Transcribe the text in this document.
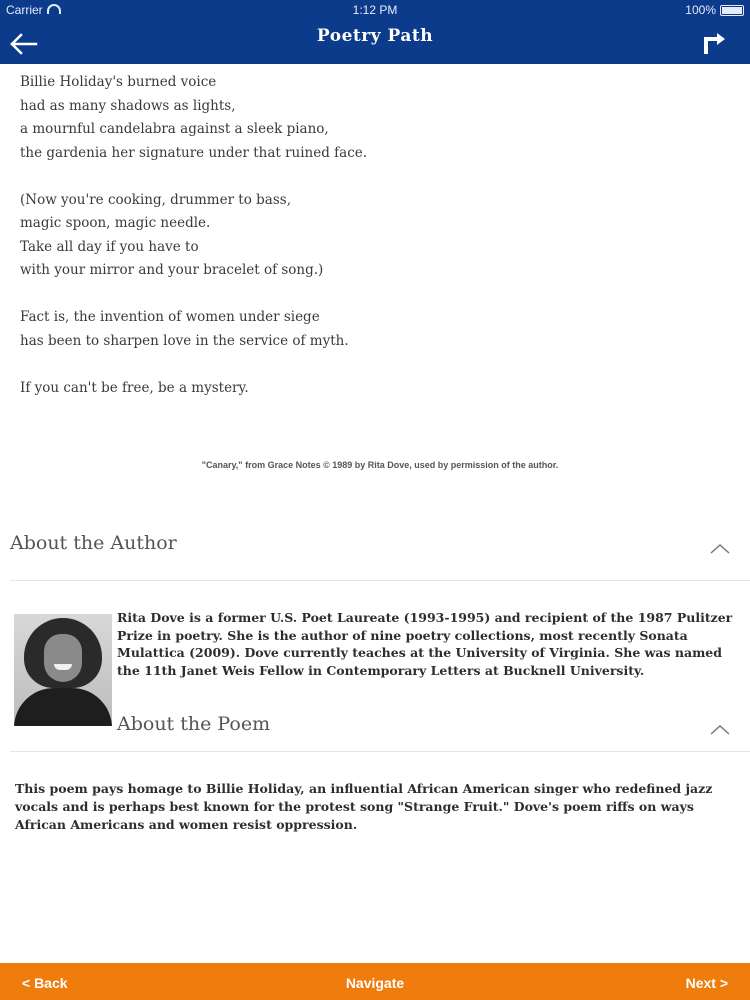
Carrier	1:12 PM	100%
Poetry Path
Billie Holiday's burned voice
had as many shadows as lights,
a mournful candelabra against a sleek piano,
the gardenia her signature under that ruined face.
(Now you're cooking, drummer to bass,
magic spoon, magic needle.
Take all day if you have to
with your mirror and your bracelet of song.)
Fact is, the invention of women under siege
has been to sharpen love in the service of myth.
If you can't be free, be a mystery.
"Canary," from Grace Notes © 1989 by Rita Dove, used by permission of the author.
About the Author
Rita Dove is a former U.S. Poet Laureate (1993-1995) and recipient of the 1987 Pulitzer Prize in poetry. She is the author of nine poetry collections, most recently Sonata Mulattica (2009). Dove currently teaches at the University of Virginia. She was named the 11th Janet Weis Fellow in Contemporary Letters at Bucknell University.
About the Poem
This poem pays homage to Billie Holiday, an influential African American singer who redefined jazz vocals and is perhaps best known for the protest song "Strange Fruit." Dove's poem riffs on ways African Americans and women resist oppression.
< Back	Navigate	Next >
